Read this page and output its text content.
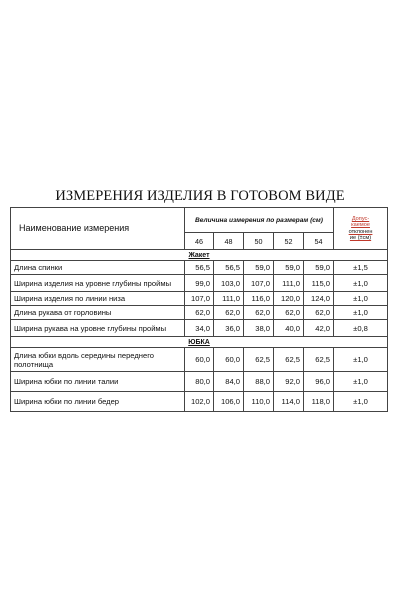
ИЗМЕРЕНИЯ ИЗДЕЛИЯ В ГОТОВОМ ВИДЕ
Наименование измерения	Величина измерения по размерам (см)					Допус-
каемое
отклонен
ие (±см)
	46	48	50	52	54	
Жакет						
Длина спинки	56,5	56,5	59,0	59,0	59,0	±1,5
Ширина изделия на уровне глубины проймы	99,0	103,0	107,0	111,0	115,0	±1,0
Ширина изделия по линии низа	107,0	111,0	116,0	120,0	124,0	±1,0
Длина рукава от горловины	62,0	62,0	62,0	62,0	62,0	±1,0
Ширина рукава на уровне глубины проймы	34,0	36,0	38,0	40,0	42,0	±0,8
ЮБКА						
Длина юбки вдоль середины переднего полотнища	60,0	60,0	62,5	62,5	62,5	±1,0
Ширина юбки по линии талии	80,0	84,0	88,0	92,0	96,0	±1,0
Ширина юбки по линии бедер	102,0	106,0	110,0	114,0	118,0	±1,0
